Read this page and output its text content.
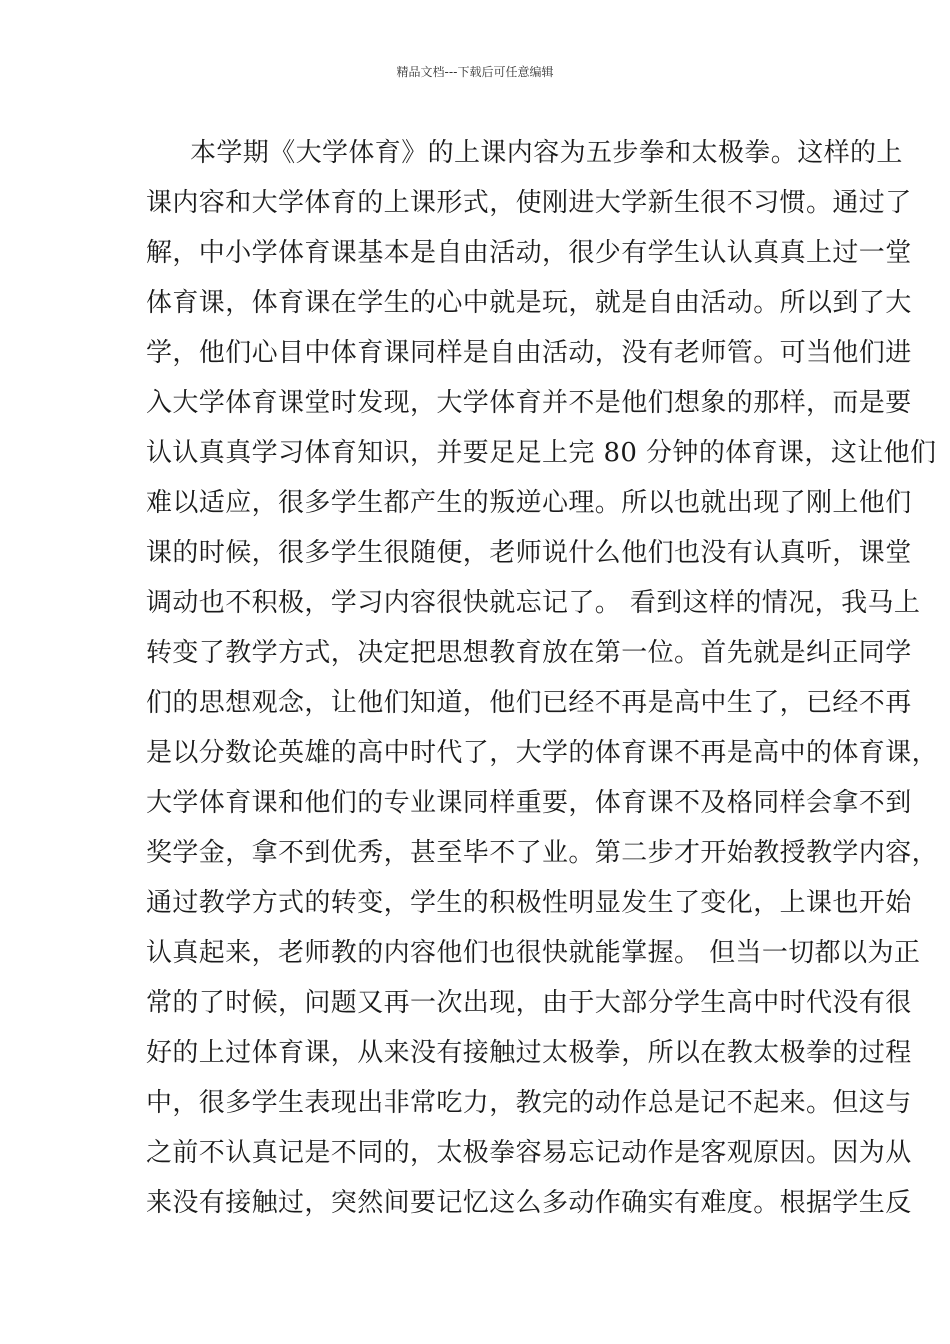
精品文档---下载后可任意编辑
本学期《大学体育》的上课内容为五步拳和太极拳。这样的上
课内容和大学体育的上课形式，使刚进大学新生很不习惯。通过了
解，中小学体育课基本是自由活动，很少有学生认认真真上过一堂
体育课，体育课在学生的心中就是玩，就是自由活动。所以到了大
学，他们心目中体育课同样是自由活动，没有老师管。可当他们进
入大学体育课堂时发现，大学体育并不是他们想象的那样，而是要
认认真真学习体育知识，并要足足上完 80 分钟的体育课，这让他们
难以适应，很多学生都产生的叛逆心理。所以也就出现了刚上他们
课的时候，很多学生很随便，老师说什么他们也没有认真听，课堂
调动也不积极，学习内容很快就忘记了。 看到这样的情况，我马上
转变了教学方式，决定把思想教育放在第一位。首先就是纠正同学
们的思想观念，让他们知道，他们已经不再是高中生了，已经不再
是以分数论英雄的高中时代了，大学的体育课不再是高中的体育课，
大学体育课和他们的专业课同样重要，体育课不及格同样会拿不到
奖学金，拿不到优秀，甚至毕不了业。第二步才开始教授教学内容，
通过教学方式的转变，学生的积极性明显发生了变化，上课也开始
认真起来，老师教的内容他们也很快就能掌握。 但当一切都以为正
常的了时候，问题又再一次出现，由于大部分学生高中时代没有很
好的上过体育课，从来没有接触过太极拳，所以在教太极拳的过程
中，很多学生表现出非常吃力，教完的动作总是记不起来。但这与
之前不认真记是不同的，太极拳容易忘记动作是客观原因。因为从
来没有接触过，突然间要记忆这么多动作确实有难度。根据学生反
